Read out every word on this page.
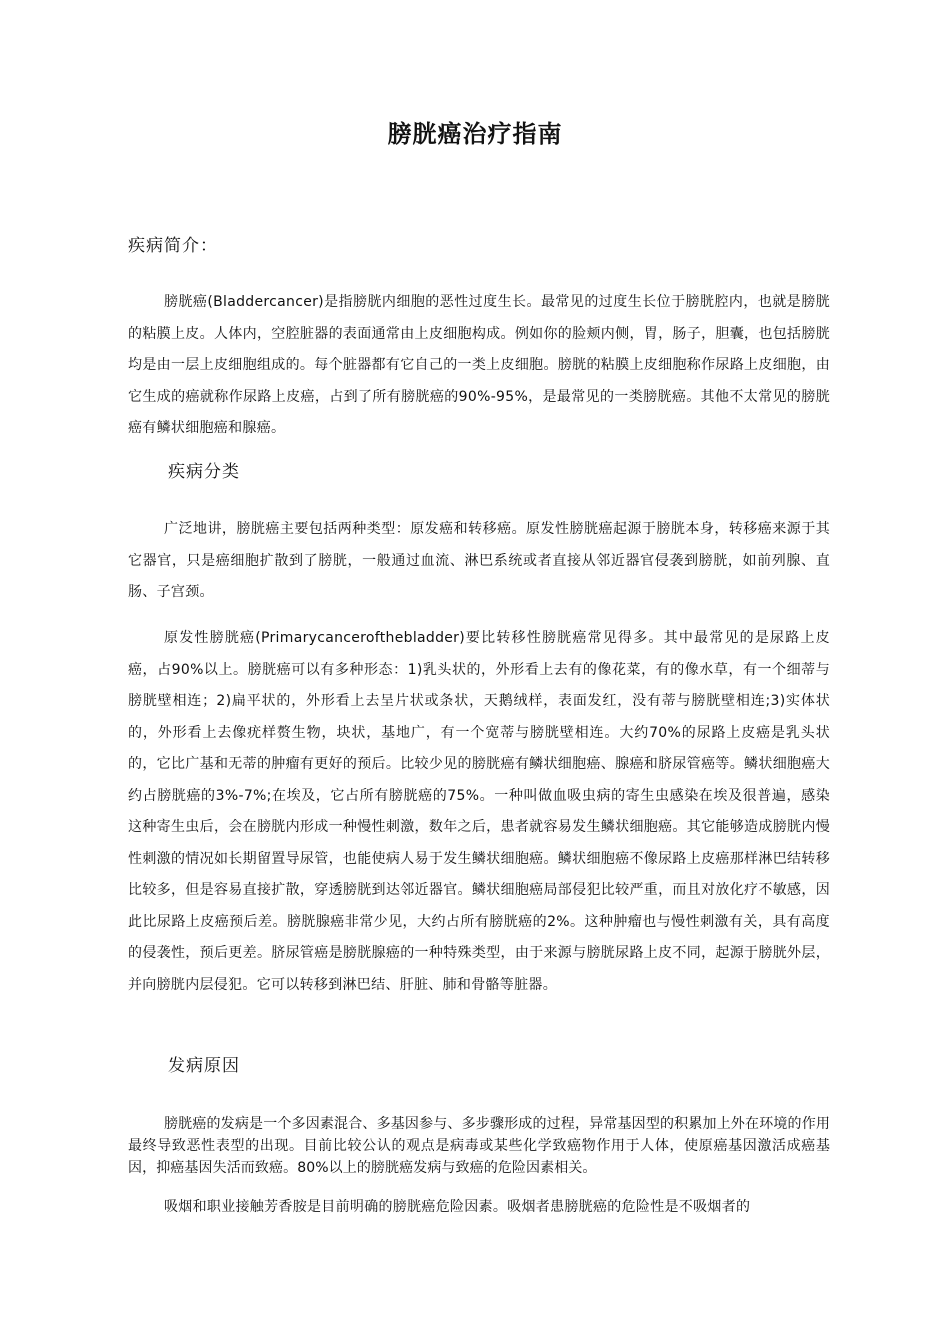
膀胱癌治疗指南
疾病简介：

膀胱癌(Bladdercancer)是指膀胱内细胞的恶性过度生长。最常见的过度生长位于膀胱腔内，也就是膀胱的粘膜上皮。人体内，空腔脏器的表面通常由上皮细胞构成。例如你的脸颊内侧，胃，肠子，胆囊，也包括膀胱均是由一层上皮细胞组成的。每个脏器都有它自己的一类上皮细胞。膀胱的粘膜上皮细胞称作尿路上皮细胞，由它生成的癌就称作尿路上皮癌，占到了所有膀胱癌的90%-95%，是最常见的一类膀胱癌。其他不太常见的膀胱癌有鳞状细胞癌和腺癌。

疾病分类

广泛地讲，膀胱癌主要包括两种类型：原发癌和转移癌。原发性膀胱癌起源于膀胱本身，转移癌来源于其它器官，只是癌细胞扩散到了膀胱，一般通过血流、淋巴系统或者直接从邻近器官侵袭到膀胱，如前列腺、直肠、子宫颈。

原发性膀胱癌(Primarycanceroft​hebladder)要比转移性膀胱癌常见得多。其中最常见的是尿路上皮癌，占90%以上。膀胱癌可以有多种形态：1)乳头状的，外形看上去有的像花菜，有的像水草，有一个细蒂与膀胱壁相连；2)扁平状的，外形看上去呈片状或条状，天鹅绒样，表面发红，没有蒂与膀胱壁相连;3)实体状的，外形看上去像疣样赘生物，块状，基地广，有一个宽蒂与膀胱壁相连。大约70%的尿路上皮癌是乳头状的，它比广基和无蒂的肿瘤有更好的预后。比较少见的膀胱癌有鳞状细胞癌、腺癌和脐尿管癌等。鳞状细胞癌大约占膀胱癌的3%-7%;在埃及，它占所有膀胱癌的75%。一种叫做血吸虫病的寄生虫感染在埃及很普遍，感染这种寄生虫后，会在膀胱内形成一种慢性刺激，数年之后，患者就容易发生鳞状细胞癌。其它能够造成膀胱内慢性刺激的情况如长期留置导尿管，也能使病人易于发生鳞状细胞癌。鳞状细胞癌不像尿路上皮癌那样淋巴结转移比较多，但是容易直接扩散，穿透膀胱到达邻近器官。鳞状细胞癌局部侵犯比较严重，而且对放化疗不敏感，因此比尿路上皮癌预后差。膀胱腺癌非常少见，大约占所有膀胱癌的2%。这种肿瘤也与慢性刺激有关，具有高度的侵袭性，预后更差。脐尿管癌是膀胱腺癌的一种特殊类型，由于来源与膀胱尿路上皮不同，起源于膀胱外层，并向膀胱内层侵犯。它可以转移到淋巴结、肝脏、肺和骨骼等脏器。

发病原因

膀胱癌的发病是一个多因素混合、多基因参与、多步骤形成的过程，异常基因型的积累加上外在环境的作用最终导致恶性表型的出现。目前比较公认的观点是病毒或某些化学致癌物作用于人体，使原癌基因激活成癌基因，抑癌基因失活而致癌。80%以上的膀胱癌发病与致癌的危险因素相关。

吸烟和职业接触芳香胺是目前明确的膀胱癌危险因素。吸烟者患膀胱癌的危险性是不吸烟者的
